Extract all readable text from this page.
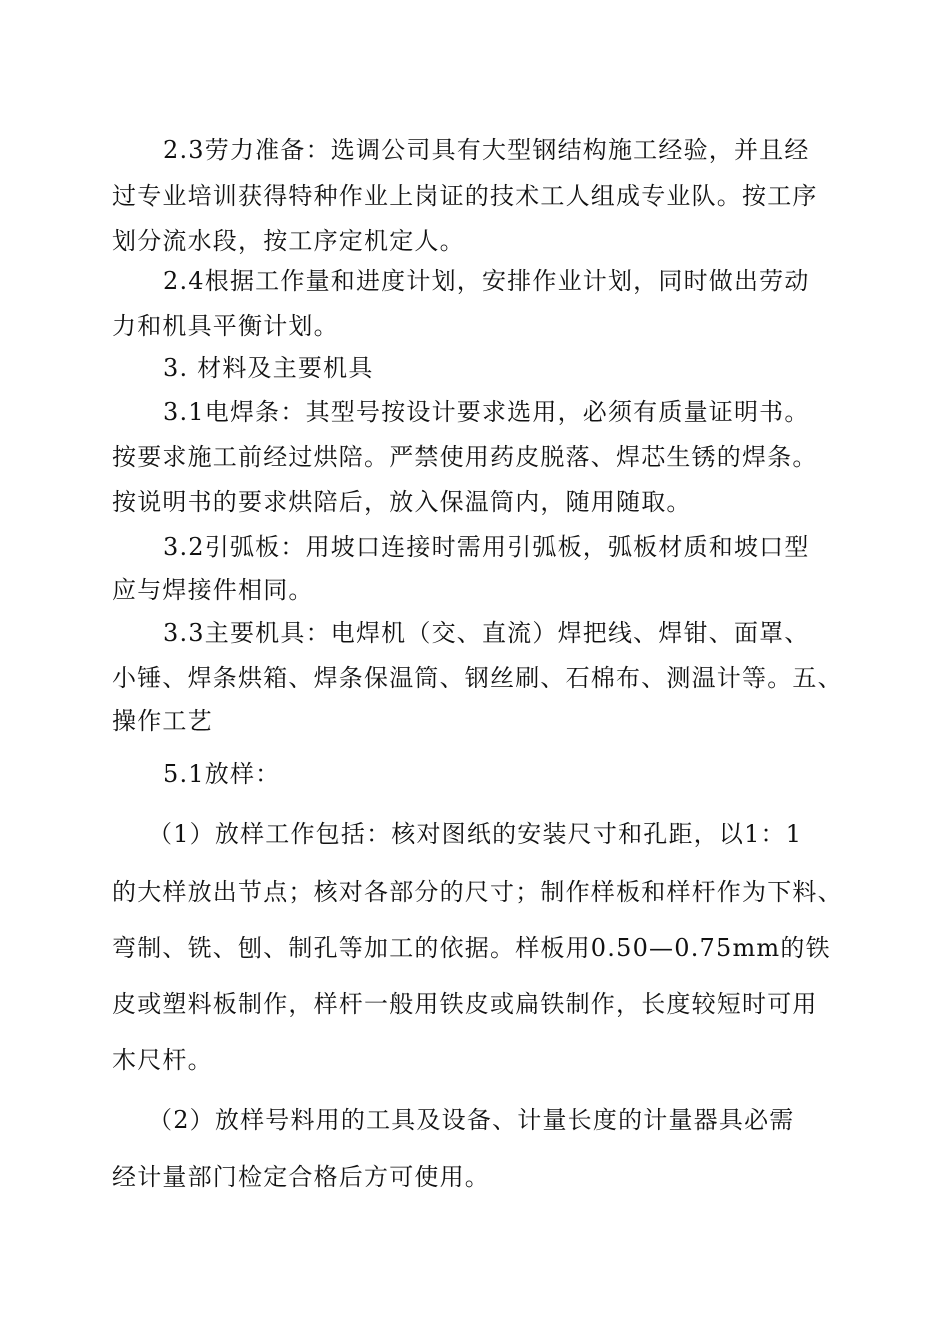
2.3劳力准备：选调公司具有大型钢结构施工经验，并且经
过专业培训获得特种作业上岗证的技术工人组成专业队。按工序
划分流水段，按工序定机定人。
2.4根据工作量和进度计划，安排作业计划，同时做出劳动
力和机具平衡计划。
3. 材料及主要机具
3.1电焊条：其型号按设计要求选用，必须有质量证明书。
按要求施工前经过烘陪。严禁使用药皮脱落、焊芯生锈的焊条。
按说明书的要求烘陪后，放入保温筒内，随用随取。
3.2引弧板：用坡口连接时需用引弧板，弧板材质和坡口型
应与焊接件相同。
3.3主要机具：电焊机（交、直流）焊把线、焊钳、面罩、
小锤、焊条烘箱、焊条保温筒、钢丝刷、石棉布、测温计等。五、
操作工艺
5.1放样：
（1）放样工作包括：核对图纸的安装尺寸和孔距，以1：1
的大样放出节点；核对各部分的尺寸；制作样板和样杆作为下料、
弯制、铣、刨、制孔等加工的依据。样板用0.50—0.75mm的铁
皮或塑料板制作，样杆一般用铁皮或扁铁制作，长度较短时可用
木尺杆。
（2）放样号料用的工具及设备、计量长度的计量器具必需
经计量部门检定合格后方可使用。
